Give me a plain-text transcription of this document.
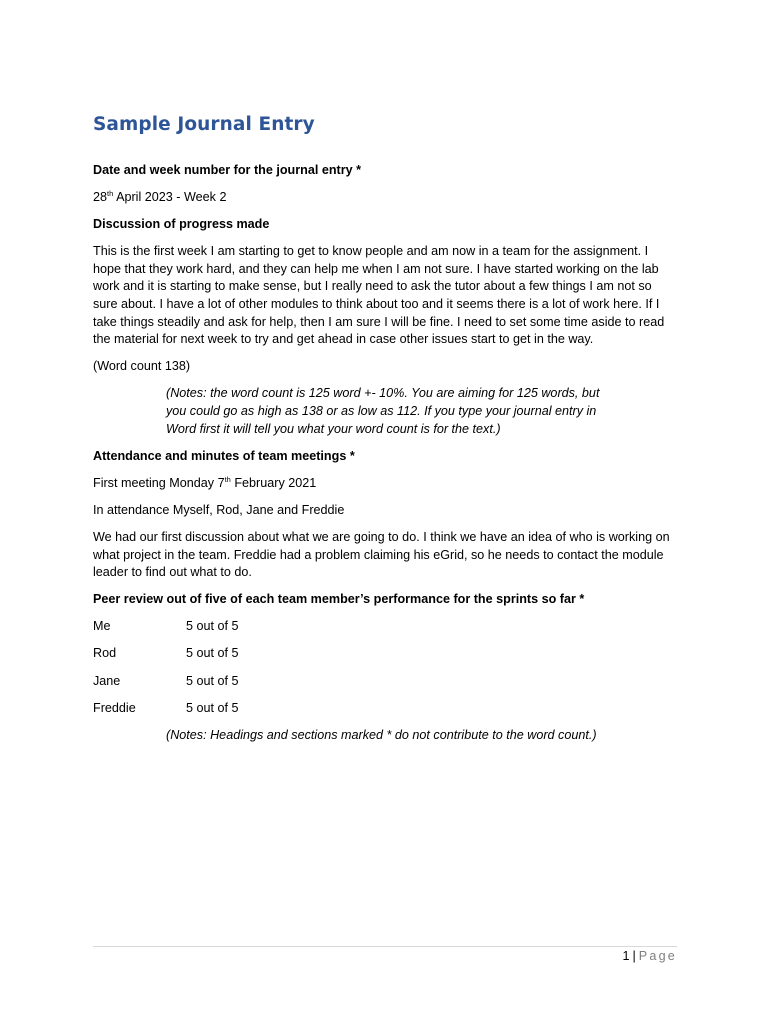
Sample Journal Entry

Date and week number for the journal entry *

28th April 2023 - Week 2

Discussion of progress made

This is the first week I am starting to get to know people and am now in a team for the assignment. I hope that they work hard, and they can help me when I am not sure. I have started working on the lab work and it is starting to make sense, but I really need to ask the tutor about a few things I am not so sure about. I have a lot of other modules to think about too and it seems there is a lot of work here. If I take things steadily and ask for help, then I am sure I will be fine. I need to set some time aside to read the material for next week to try and get ahead in case other issues start to get in the way.

(Word count 138)

(Notes: the word count is 125 word +- 10%. You are aiming for 125 words, but you could go as high as 138 or as low as 112. If you type your journal entry in Word first it will tell you what your word count is for the text.)

Attendance and minutes of team meetings *

First meeting Monday 7th February 2021

In attendance Myself, Rod, Jane and Freddie

We had our first discussion about what we are going to do. I think we have an idea of who is working on what project in the team. Freddie had a problem claiming his eGrid, so he needs to contact the module leader to find out what to do.

Peer review out of five of each team member’s performance for the sprints so far *

Me	5 out of 5
Rod	5 out of 5
Jane	5 out of 5
Freddie	5 out of 5

(Notes: Headings and sections marked * do not contribute to the word count.)

1 | Page
